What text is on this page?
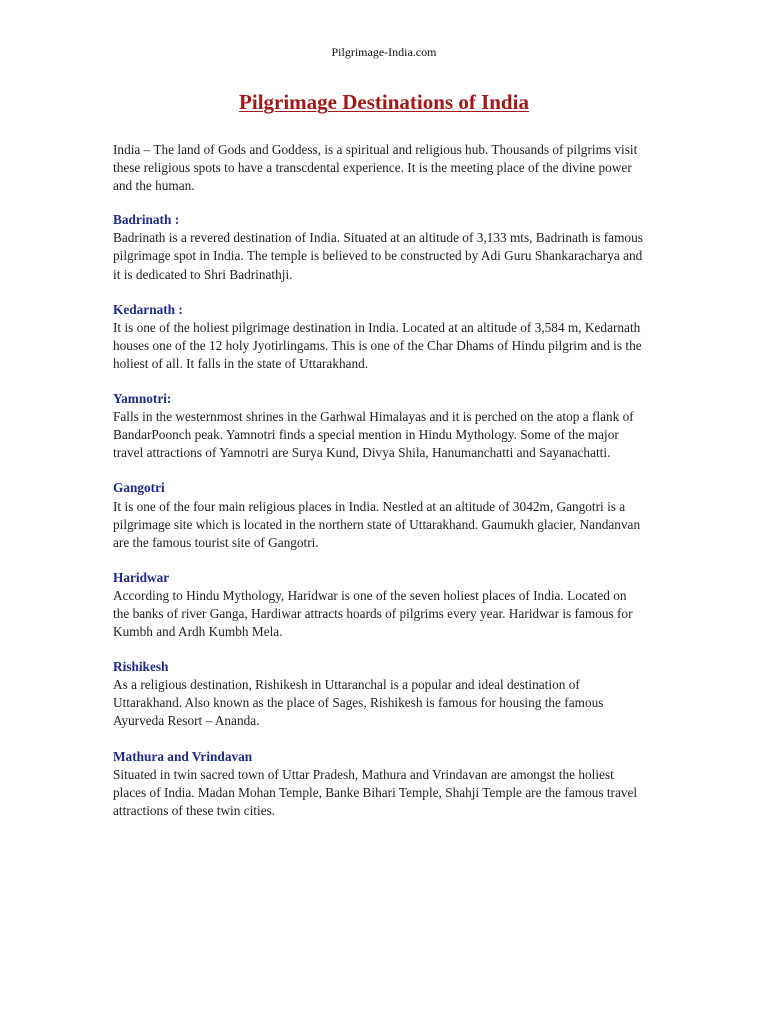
Pilgrimage-India.com
Pilgrimage Destinations of India

India – The land of Gods and Goddess, is a spiritual and religious hub. Thousands of pilgrims visit these religious spots to have a transcdental experience. It is the meeting place of the divine power and the human.

Badrinath :

Badrinath is a revered destination of India. Situated at an altitude of 3,133 mts, Badrinath is famous pilgrimage spot in India. The temple is believed to be constructed by Adi Guru Shankaracharya and it is dedicated to Shri Badrinathji.

Kedarnath :

It is one of the holiest pilgrimage destination in India. Located at an altitude of 3,584 m, Kedarnath houses one of the 12 holy Jyotirlingams. This is one of the Char Dhams of Hindu pilgrim and is the holiest of all. It falls in the state of Uttarakhand.

Yamnotri:

Falls in the westernmost shrines in the Garhwal Himalayas and it is perched on the atop a flank of BandarPoonch peak. Yamnotri finds a special mention in Hindu Mythology. Some of the major travel attractions of Yamnotri are Surya Kund, Divya Shila, Hanumanchatti and Sayanachatti.

Gangotri

It is one of the four main religious places in India. Nestled at an altitude of 3042m, Gangotri is a pilgrimage site which is located in the northern state of Uttarakhand. Gaumukh glacier, Nandanvan are the famous tourist site of Gangotri.

Haridwar

According to Hindu Mythology, Haridwar is one of the seven holiest places of India. Located on the banks of river Ganga, Hardiwar attracts hoards of pilgrims every year. Haridwar is famous for Kumbh and Ardh Kumbh Mela.

Rishikesh

As a religious destination, Rishikesh in Uttaranchal is a popular and ideal destination of Uttarakhand. Also known as the place of Sages, Rishikesh is famous for housing the famous Ayurveda Resort – Ananda.

Mathura and Vrindavan

Situated in twin sacred town of Uttar Pradesh, Mathura and Vrindavan are amongst the holiest places of India. Madan Mohan Temple, Banke Bihari Temple, Shahji Temple are the famous travel attractions of these twin cities.
